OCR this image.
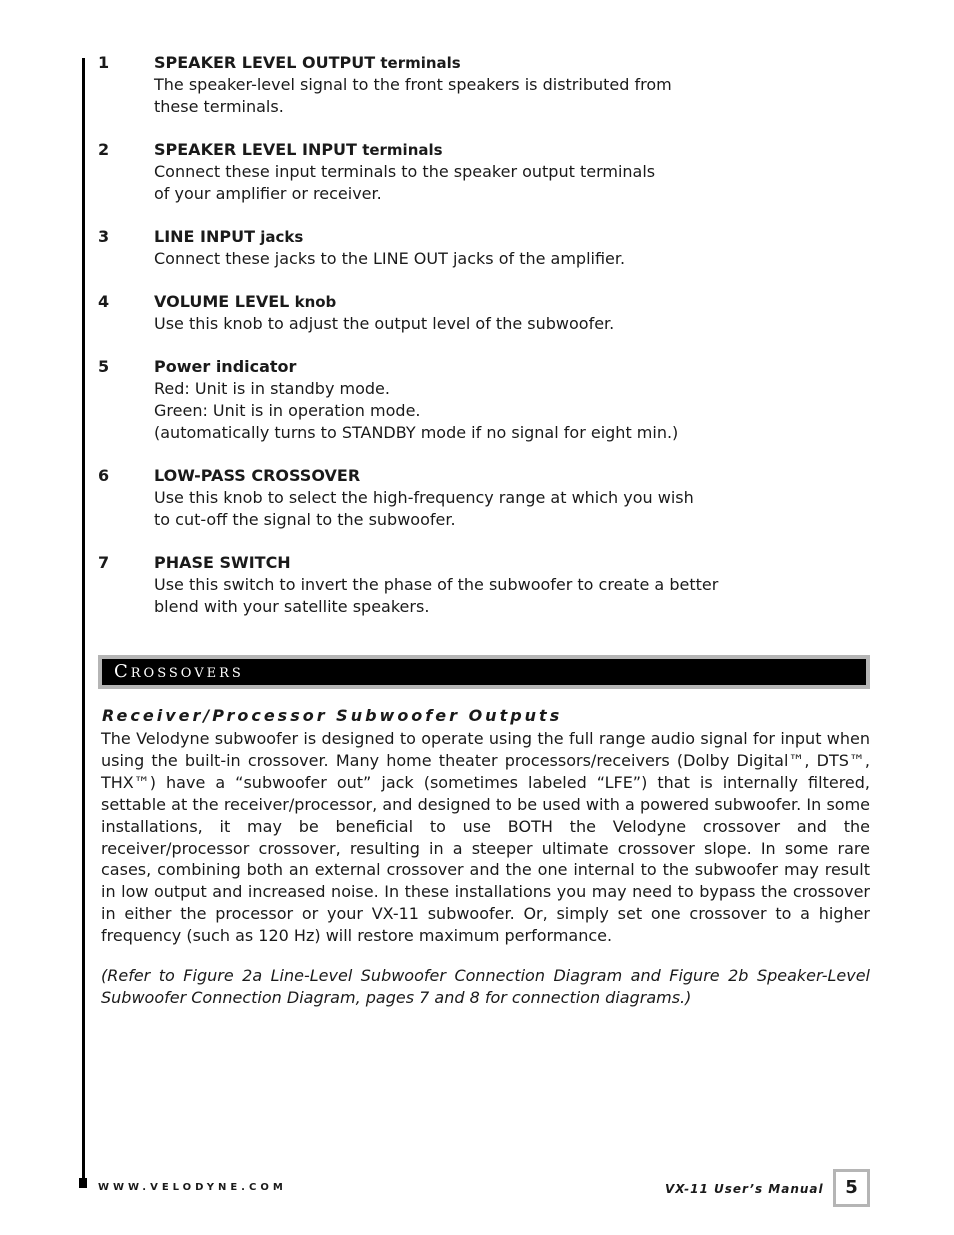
1	SPEAKER LEVEL OUTPUT terminals
The speaker-level signal to the front speakers is distributed from
these terminals.
2	SPEAKER LEVEL INPUT terminals
Connect these input terminals to the speaker output terminals
of your amplifier or receiver.
3	LINE INPUT jacks
Connect these jacks to the LINE OUT jacks of the amplifier.
4	VOLUME LEVEL knob
Use this knob to adjust the output level of the subwoofer.
5	Power indicator
Red: Unit is in standby mode.
Green: Unit is in operation mode.
(automatically turns to STANDBY mode if no signal for eight min.)
6	LOW-PASS CROSSOVER
Use this knob to select the high-frequency range at which you wish
to cut-off the signal to the subwoofer.
7	PHASE SWITCH
Use this switch to invert the phase of the subwoofer to create a better
blend with your satellite speakers.
Crossovers
Receiver/Processor Subwoofer Outputs
The Velodyne subwoofer is designed to operate using the full range audio signal for input when using the built-in crossover. Many home theater processors/receivers (Dolby Digital™, DTS™, THX™) have a “subwoofer out” jack (sometimes labeled “LFE”) that is internally filtered, settable at the receiver/processor, and designed to be used with a powered subwoofer. In some installations, it may be beneficial to use BOTH the Velodyne crossover and the receiver/processor crossover, resulting in a steeper ultimate crossover slope. In some rare cases, combining both an external crossover and the one internal to the subwoofer may result in low output and increased noise. In these installations you may need to bypass the crossover in either the processor or your VX-11 subwoofer. Or, simply set one crossover to a higher frequency (such as 120 Hz) will restore maximum performance.
(Refer to Figure 2a Line-Level Subwoofer Connection Diagram and Figure 2b Speaker-Level Subwoofer Connection Diagram, pages 7 and 8 for connection diagrams.)
WWW.VELODYNE.COM	VX-11 User’s Manual	5
